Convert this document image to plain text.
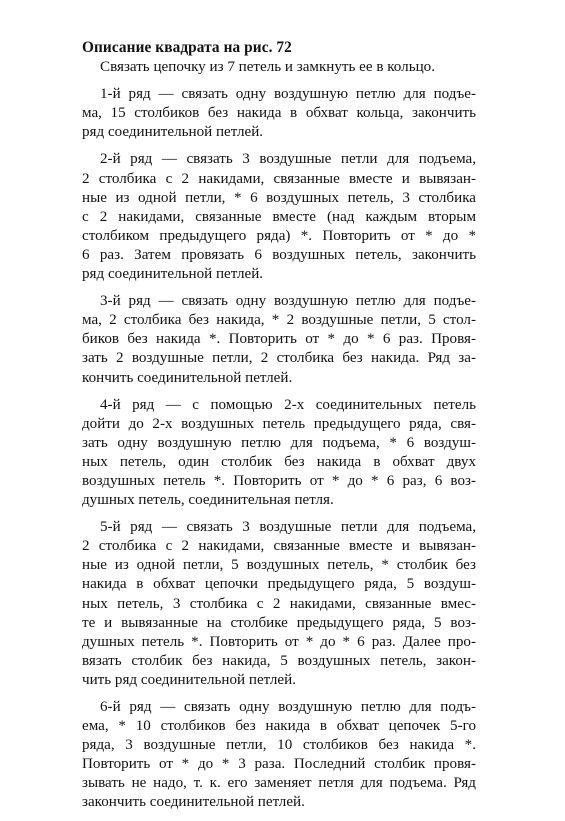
Описание квадрата на рис. 72
Связать цепочку из 7 петель и замкнуть ее в кольцо.
1-й ряд — связать одну воздушную петлю для подъе-
ма, 15 столбиков без накида в обхват кольца, закончить
ряд соединительной петлей.
2-й ряд — связать 3 воздушные петли для подъема,
2 столбика с 2 накидами, связанные вместе и вывязан-
ные из одной петли, * 6 воздушных петель, 3 столбика
с 2 накидами, связанные вместе (над каждым вторым
столбиком предыдущего ряда) *. Повторить от * до *
6 раз. Затем провязать 6 воздушных петель, закончить
ряд соединительной петлей.
3-й ряд — связать одну воздушную петлю для подъе-
ма, 2 столбика без накида, * 2 воздушные петли, 5 стол-
биков без накида *. Повторить от * до * 6 раз. Провя-
зать 2 воздушные петли, 2 столбика без накида. Ряд за-
кончить соединительной петлей.
4-й ряд — с помощью 2-х соединительных петель
дойти до 2-х воздушных петель предыдущего ряда, свя-
зать одну воздушную петлю для подъема, * 6 воздуш-
ных петель, один столбик без накида в обхват двух
воздушных петель *. Повторить от * до * 6 раз, 6 воз-
душных петель, соединительная петля.
5-й ряд — связать 3 воздушные петли для подъема,
2 столбика с 2 накидами, связанные вместе и вывязан-
ные из одной петли, 5 воздушных петель, * столбик без
накида в обхват цепочки предыдущего ряда, 5 воздуш-
ных петель, 3 столбика с 2 накидами, связанные вмес-
те и вывязанные на столбике предыдущего ряда, 5 воз-
душных петель *. Повторить от * до * 6 раз. Далее про-
вязать столбик без накида, 5 воздушных петель, закон-
чить ряд соединительной петлей.
6-й ряд — связать одну воздушную петлю для подъ-
ема, * 10 столбиков без накида в обхват цепочек 5-го
ряда, 3 воздушные петли, 10 столбиков без накида *.
Повторить от * до * 3 раза. Последний столбик провя-
зывать не надо, т. к. его заменяет петля для подъема. Ряд
закончить соединительной петлей.
